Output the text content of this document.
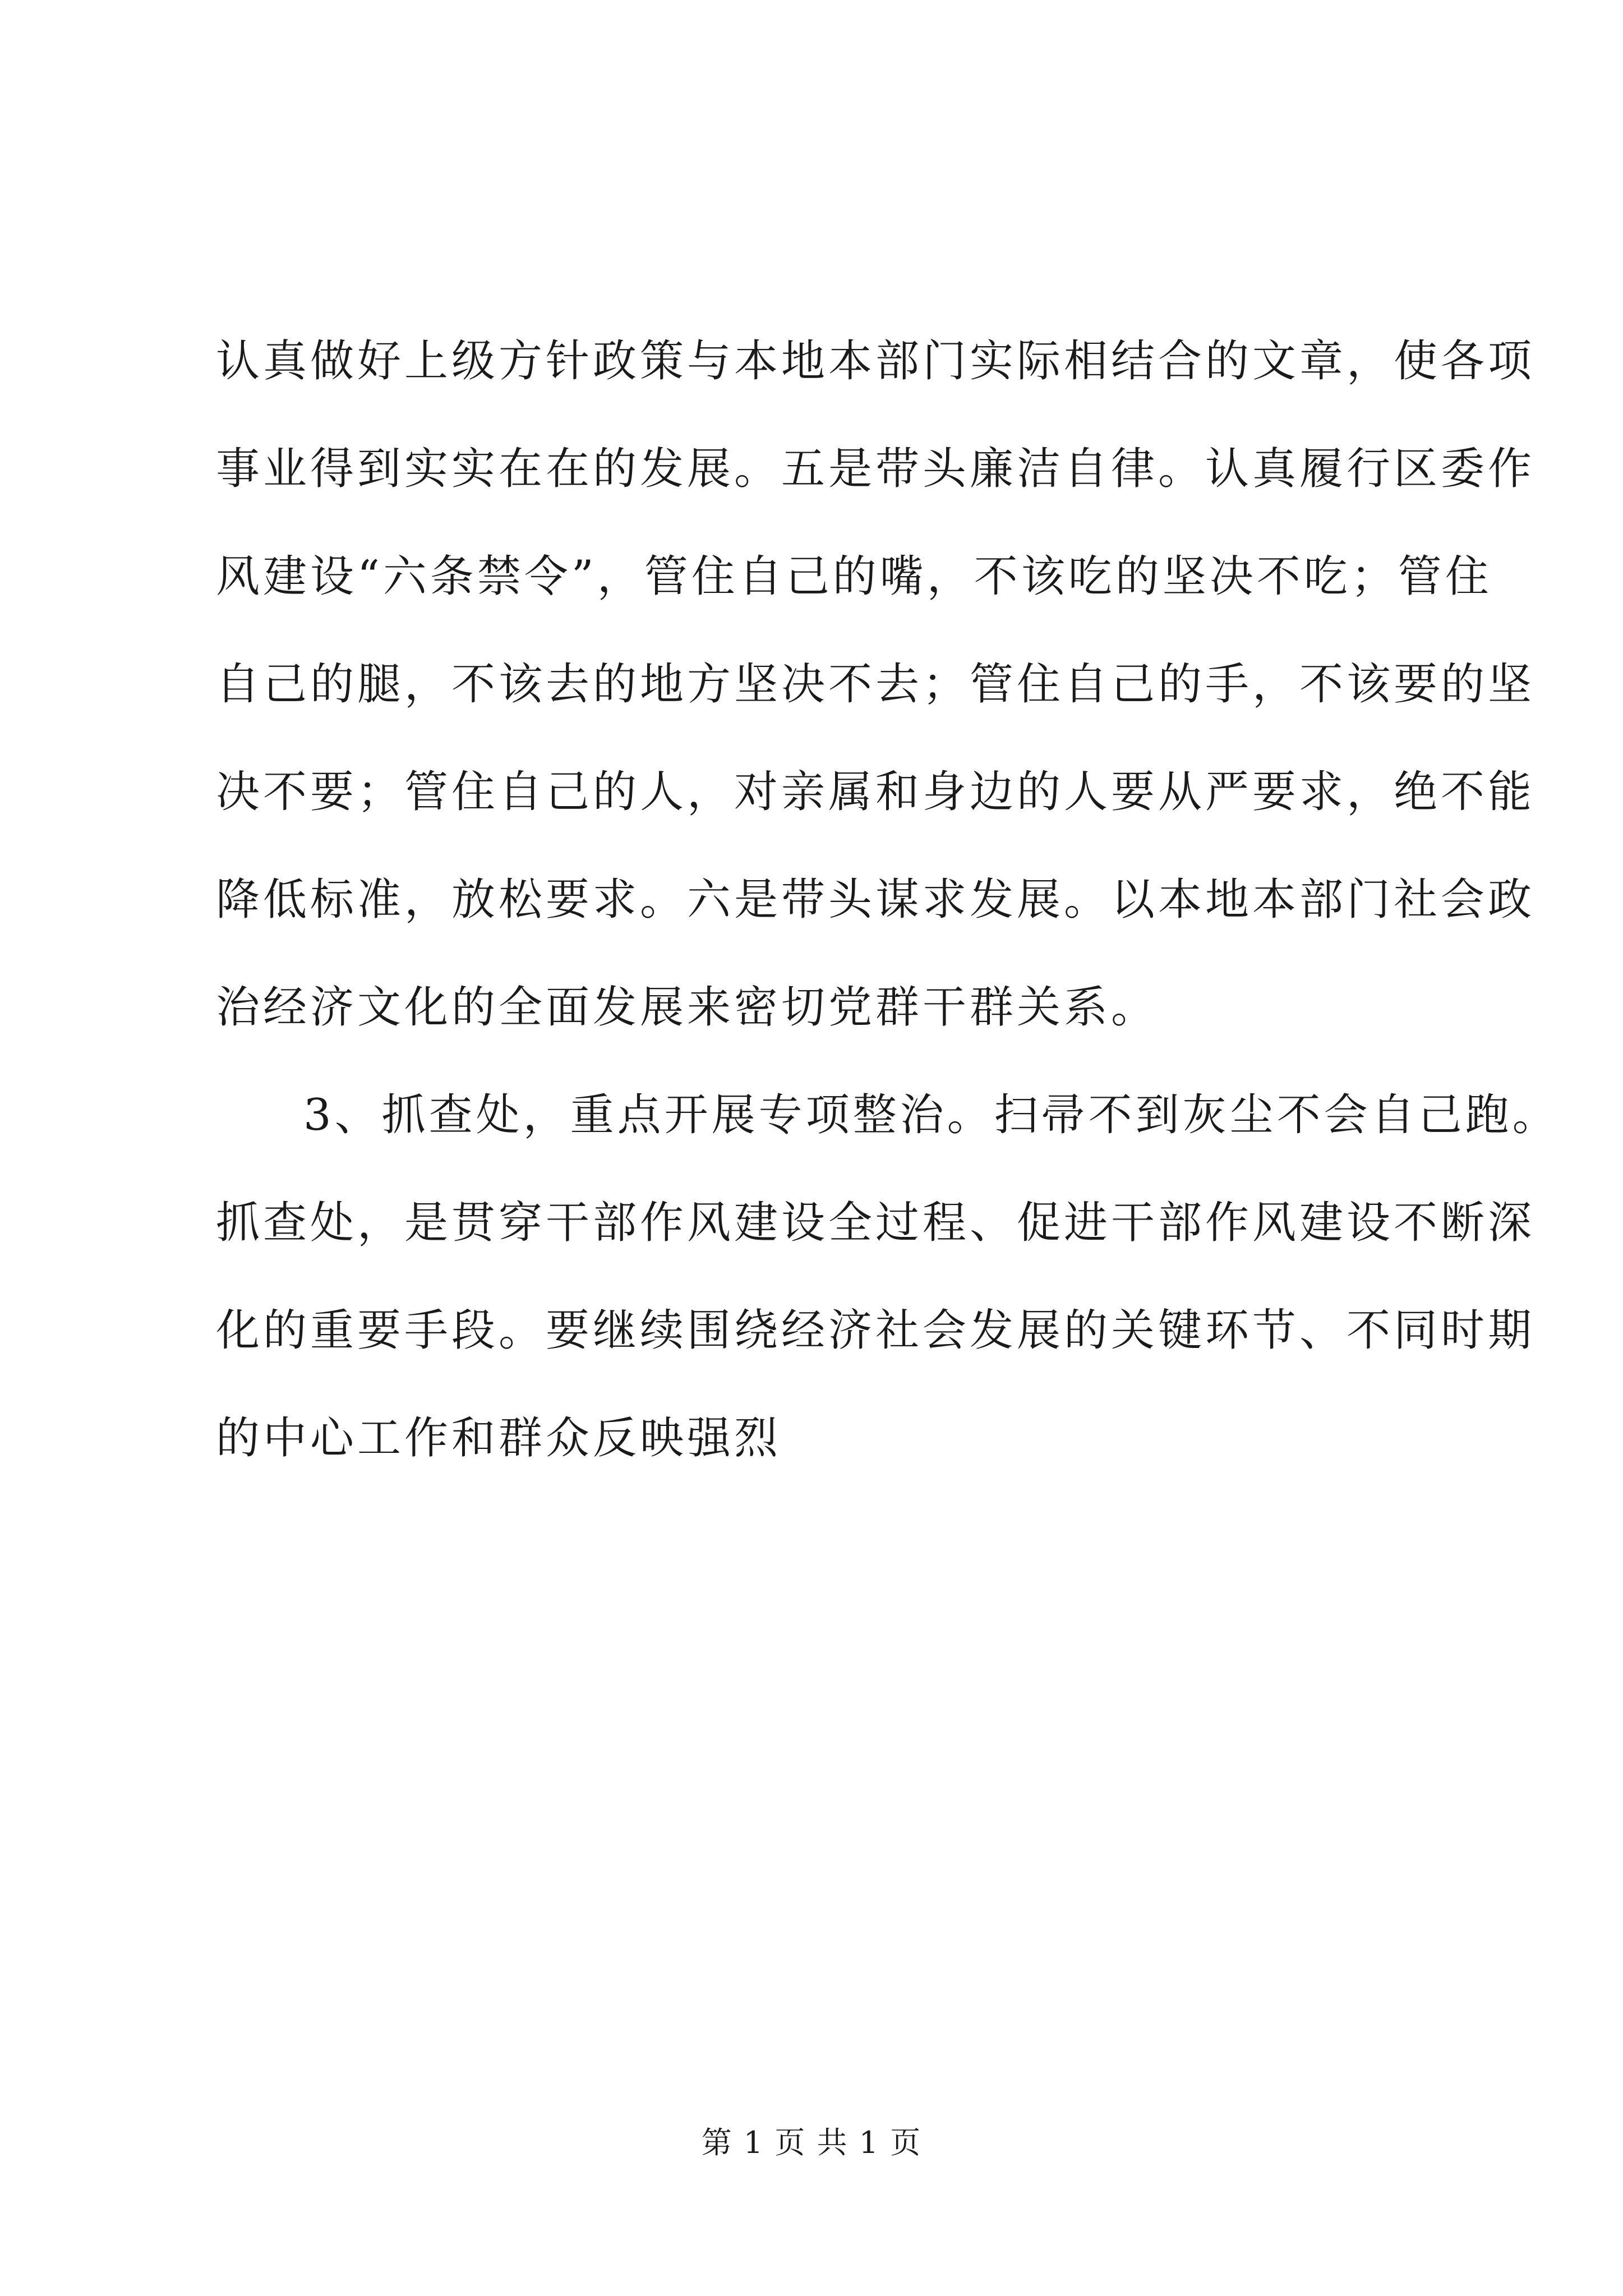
认真做好上级方针政策与本地本部门实际相结合的文章，使各项
事业得到实实在在的发展。五是带头廉洁自律。认真履行区委作
风建设“六条禁令”，管住自己的嘴，不该吃的坚决不吃；管住
自己的腿，不该去的地方坚决不去；管住自己的手，不该要的坚
决不要；管住自己的人，对亲属和身边的人要从严要求，绝不能
降低标准，放松要求。六是带头谋求发展。以本地本部门社会政
治经济文化的全面发展来密切党群干群关系。
3、抓查处，重点开展专项整治。扫帚不到灰尘不会自己跑。
抓查处，是贯穿干部作风建设全过程、促进干部作风建设不断深
化的重要手段。要继续围绕经济社会发展的关键环节、不同时期
的中心工作和群众反映强烈
第 1 页 共 1 页
